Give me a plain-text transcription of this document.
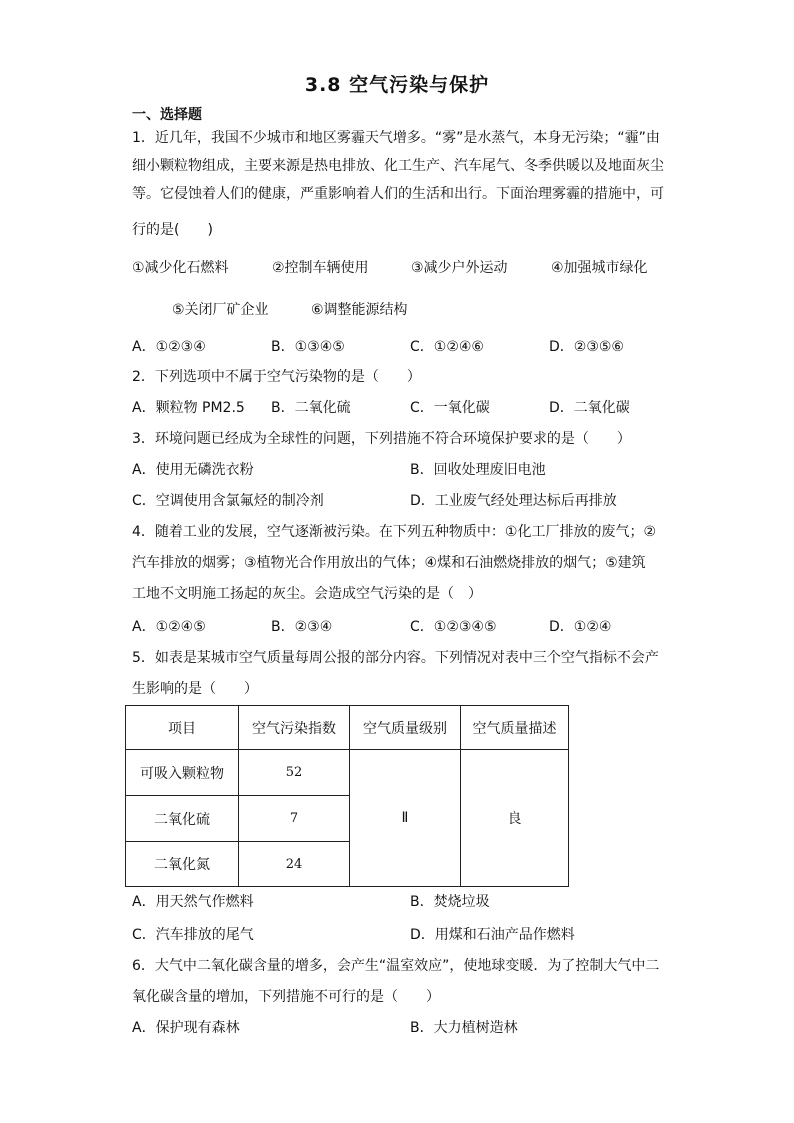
3.8 空气污染与保护
一、选择题
1．近几年，我国不少城市和地区雾霾天气增多。“雾”是水蒸气，本身无污染；“霾”由
细小颗粒物组成，主要来源是热电排放、化工生产、汽车尾气、冬季供暖以及地面灰尘
等。它侵蚀着人们的健康，严重影响着人们的生活和出行。下面治理雾霾的措施中，可
行的是(　　)
①减少化石燃料	②控制车辆使用	③减少户外运动	④加强城市绿化
⑤关闭厂矿企业	⑥调整能源结构
A．①②③④	B．①③④⑤	C．①②④⑥	D．②③⑤⑥
2．下列选项中不属于空气污染物的是（　　）
A．颗粒物 PM2.5 B．二氧化硫	C．一氧化碳	D．二氧化碳
3．环境问题已经成为全球性的问题，下列措施不符合环境保护要求的是（　　）
A．使用无磷洗衣粉	B．回收处理废旧电池
C．空调使用含氯氟烃的制冷剂	D．工业废气经处理达标后再排放
4．随着工业的发展，空气逐渐被污染。在下列五种物质中：①化工厂排放的废气；②
汽车排放的烟雾；③植物光合作用放出的气体；④煤和石油燃烧排放的烟气；⑤建筑
工地不文明施工扬起的灰尘。会造成空气污染的是（　）
A．①②④⑤	B．②③④	C．①②③④⑤	D．①②④
5．如表是某城市空气质量每周公报的部分内容。下列情况对表中三个空气指标不会产
生影响的是（　　）
项目	空气污染指数	空气质量级别	空气质量描述
可吸入颗粒物	52	Ⅱ	良
二氧化硫	7		
二氧化氮	24		
A．用天然气作燃料	B．焚烧垃圾
C．汽车排放的尾气	D．用煤和石油产品作燃料
6．大气中二氧化碳含量的增多，会产生“温室效应”，使地球变暖．为了控制大气中二
氧化碳含量的增加，下列措施不可行的是（　　）
A．保护现有森林	B．大力植树造林
